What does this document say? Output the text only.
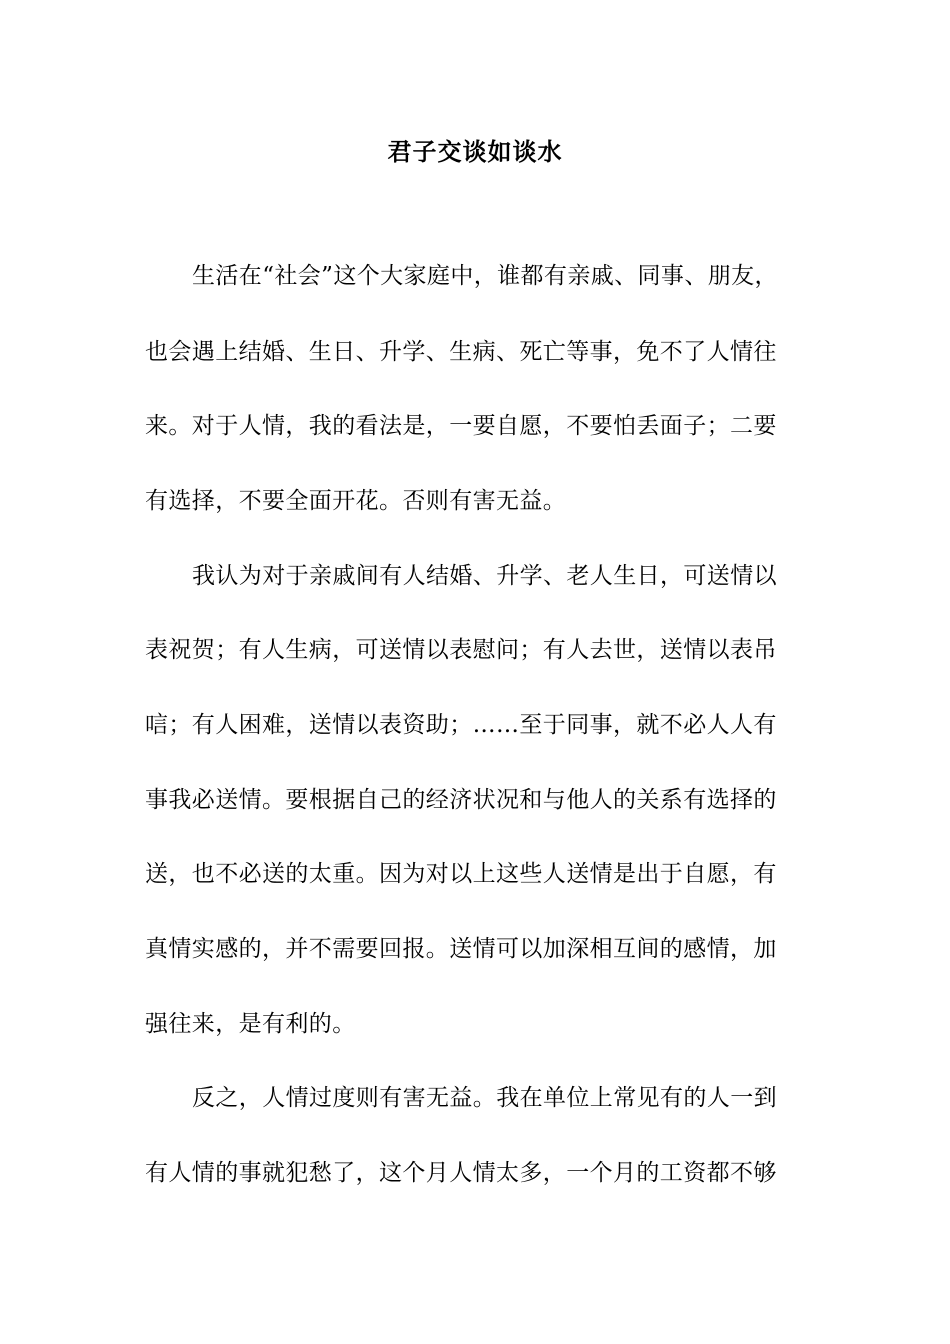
君子交谈如谈水
生活在“社会”这个大家庭中，谁都有亲戚、同事、朋友，
也会遇上结婚、生日、升学、生病、死亡等事，免不了人情往
来。对于人情，我的看法是，一要自愿，不要怕丢面子；二要
有选择，不要全面开花。否则有害无益。
我认为对于亲戚间有人结婚、升学、老人生日，可送情以
表祝贺；有人生病，可送情以表慰问；有人去世，送情以表吊
唁；有人困难，送情以表资助；……至于同事，就不必人人有
事我必送情。要根据自己的经济状况和与他人的关系有选择的
送，也不必送的太重。因为对以上这些人送情是出于自愿，有
真情实感的，并不需要回报。送情可以加深相互间的感情，加
强往来，是有利的。
反之，人情过度则有害无益。我在单位上常见有的人一到
有人情的事就犯愁了，这个月人情太多，一个月的工资都不够
